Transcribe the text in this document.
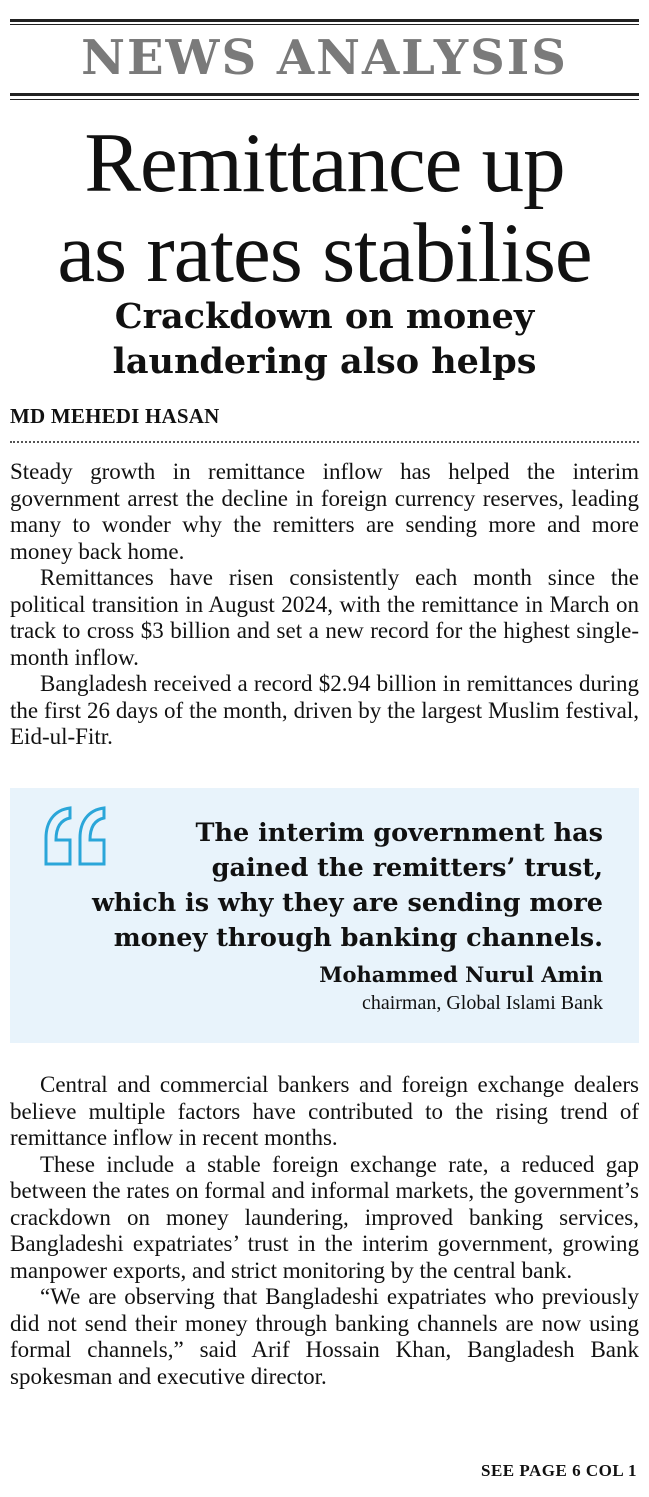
NEWS ANALYSIS
Remittance up
as rates stabilise
Crackdown on money
laundering also helps
MD MEHEDI HASAN

Steady growth in remittance inflow has helped the interim government arrest the decline in foreign currency reserves, leading many to wonder why the remitters are sending more and more money back home.

Remittances have risen consistently each month since the political transition in August 2024, with the remittance in March on track to cross $3 billion and set a new record for the highest single-month inflow.

Bangladesh received a record $2.94 billion in remittances during the first 26 days of the month, driven by the largest Muslim festival, Eid-ul-Fitr.

The interim government has
gained the remitters’ trust,
which is why they are sending more
money through banking channels.
Mohammed Nurul Amin
chairman, Global Islami Bank

Central and commercial bankers and foreign exchange dealers believe multiple factors have contributed to the rising trend of remittance inflow in recent months.

These include a stable foreign exchange rate, a reduced gap between the rates on formal and informal markets, the government’s crackdown on money laundering, improved banking services, Bangladeshi expatriates’ trust in the interim government, growing manpower exports, and strict monitoring by the central bank.

“We are observing that Bangladeshi expatriates who previously did not send their money through banking channels are now using formal channels,” said Arif Hossain Khan, Bangladesh Bank spokesman and executive director.

SEE PAGE 6 COL 1
